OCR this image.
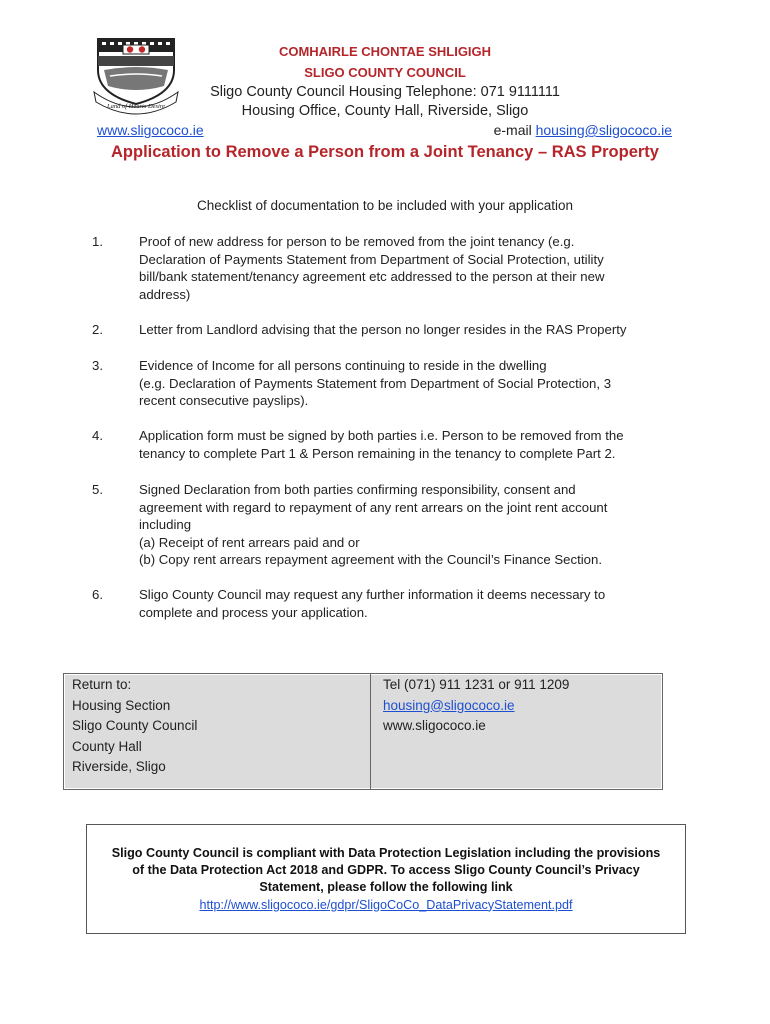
Land of Hearts Desire
COMHAIRLE CHONTAE SHLIGIGH
SLIGO COUNTY COUNCIL
Sligo County Council Housing Telephone: 071 9111111
Housing Office, County Hall, Riverside, Sligo
www.sligococo.ie	e-mail housing@sligococo.ie
Application to Remove a Person from a Joint Tenancy – RAS Property
Checklist of documentation to be included with your application
1.	Proof of new address for person to be removed from the joint tenancy (e.g.
Declaration of Payments Statement from Department of Social Protection, utility
bill/bank statement/tenancy agreement etc addressed to the person at their new
address)
2.	Letter from Landlord advising that the person no longer resides in the RAS Property
3.	Evidence of Income for all persons continuing to reside in the dwelling
(e.g. Declaration of Payments Statement from Department of Social Protection, 3
recent consecutive payslips).
4.	Application form must be signed by both parties i.e. Person to be removed from the
tenancy to complete Part 1 & Person remaining in the tenancy to complete Part 2.
5.	Signed Declaration from both parties confirming responsibility, consent and
agreement with regard to repayment of any rent arrears on the joint rent account
including
(a) Receipt of rent arrears paid and or
(b) Copy rent arrears repayment agreement with the Council’s Finance Section.
6.	Sligo County Council may request any further information it deems necessary to
complete and process your application.
Return to:
Housing Section
Sligo County Council
County Hall
Riverside, Sligo
Tel (071) 911 1231 or 911 1209
housing@sligococo.ie
www.sligococo.ie
Sligo County Council is compliant with Data Protection Legislation including the provisions
of the Data Protection Act 2018 and GDPR. To access Sligo County Council’s Privacy
Statement, please follow the following link
http://www.sligococo.ie/gdpr/SligoCoCo_DataPrivacyStatement.pdf
